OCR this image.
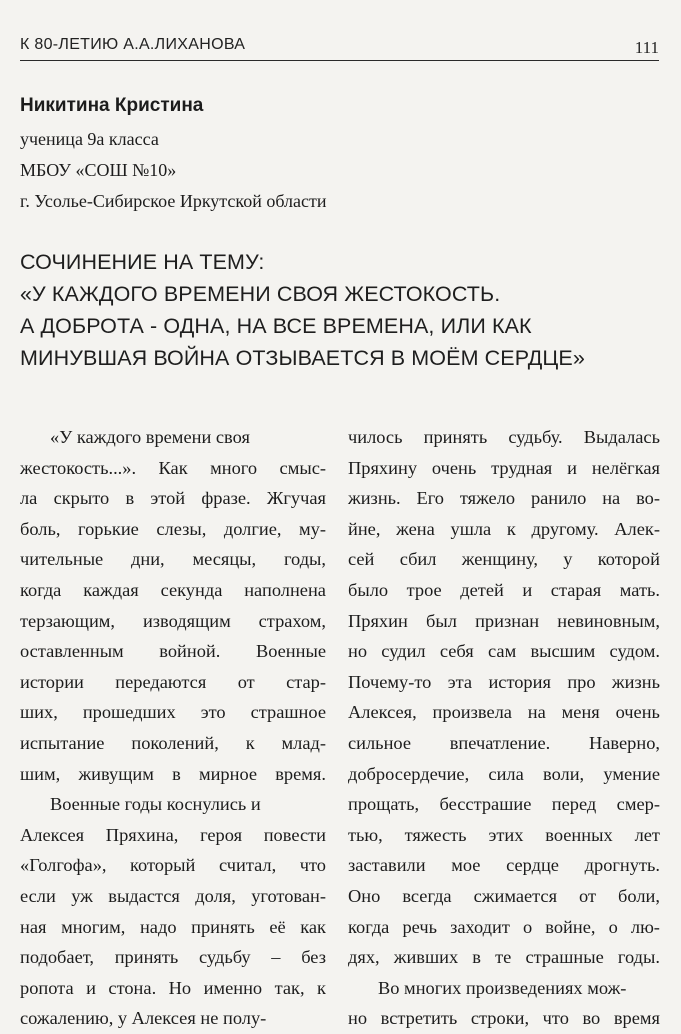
К 80-ЛЕТИЮ А.А.ЛИХАНОВА	111

Никитина Кристина

ученица 9а класса

МБОУ «СОШ №10»

г. Усолье-Сибирское Иркутской области

СОЧИНЕНИЕ НА ТЕМУ:
«У КАЖДОГО ВРЕМЕНИ СВОЯ ЖЕСТОКОСТЬ.
А ДОБРОТА - ОДНА, НА ВСЕ ВРЕМЕНА, ИЛИ КАК
МИНУВШАЯ ВОЙНА ОТЗЫВАЕТСЯ В МОЁМ СЕРДЦЕ»
«У каждого времени своя
жестокость...». Как много смыс-
ла скрыто в этой фразе. Жгучая
боль, горькие слезы, долгие, му-
чительные дни, месяцы, годы,
когда каждая секунда наполнена
терзающим, изводящим страхом,
оставленным войной. Военные
истории передаются от стар-
ших, прошедших это страшное
испытание поколений, к млад-
шим, живущим в мирное время.
Военные годы коснулись и
Алексея Пряхина, героя повести
«Голгофа», который считал, что
если уж выдастся доля, уготован-
ная многим, надо принять её как
подобает, принять судьбу – без
ропота и стона. Но именно так, к
сожалению, у Алексея не полу-
чилось принять судьбу. Выдалась
Пряхину очень трудная и нелёгкая
жизнь. Его тяжело ранило на во-
йне, жена ушла к другому. Алек-
сей сбил женщину, у которой
было трое детей и старая мать.
Пряхин был признан невиновным,
но судил себя сам высшим судом.
Почему-то эта история про жизнь
Алексея, произвела на меня очень
сильное впечатление. Наверно,
добросердечие, сила воли, умение
прощать, бесстрашие перед смер-
тью, тяжесть этих военных лет
заставили мое сердце дрогнуть.
Оно всегда сжимается от боли,
когда речь заходит о войне, о лю-
дях, живших в те страшные годы.
Во многих произведениях мож-
но встретить строки, что во время
